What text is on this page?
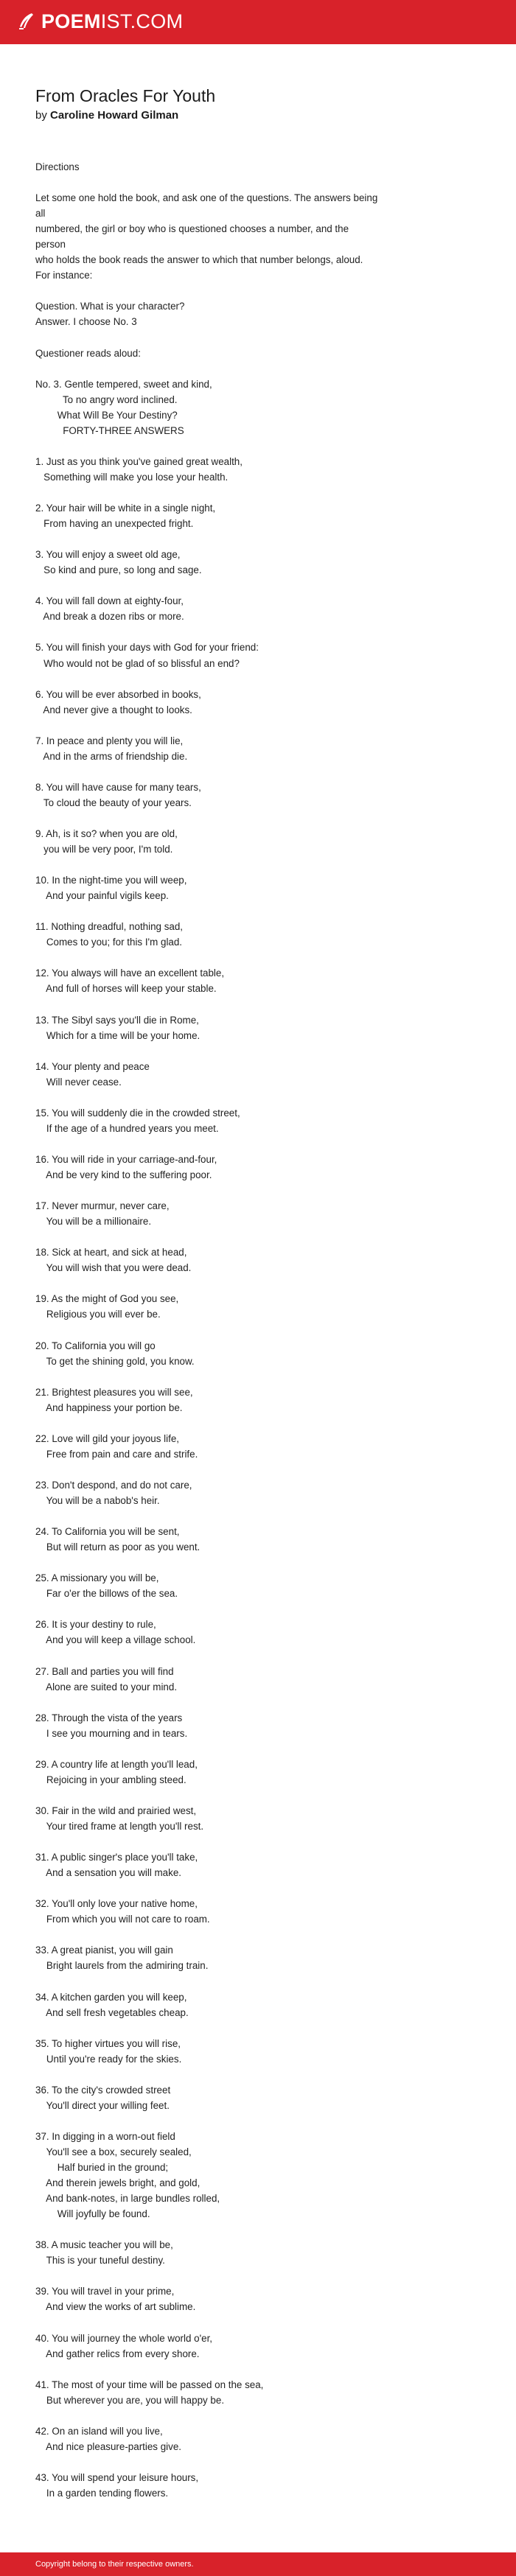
POEMIST.COM
From Oracles For Youth
by Caroline Howard Gilman
Directions
Let some one hold the book, and ask one of the questions. The answers being
all
numbered, the girl or boy who is questioned chooses a number, and the
person
who holds the book reads the answer to which that number belongs, aloud.
For instance:
Question. What is your character?
Answer. I choose No. 3
Questioner reads aloud:
No. 3. Gentle tempered, sweet and kind,
To no angry word inclined.
What Will Be Your Destiny?
FORTY-THREE ANSWERS
1. Just as you think you've gained great wealth,
Something will make you lose your health.
2. Your hair will be white in a single night,
From having an unexpected fright.
3. You will enjoy a sweet old age,
So kind and pure, so long and sage.
4. You will fall down at eighty-four,
And break a dozen ribs or more.
5. You will finish your days with God for your friend:
Who would not be glad of so blissful an end?
6. You will be ever absorbed in books,
And never give a thought to looks.
7. In peace and plenty you will lie,
And in the arms of friendship die.
8. You will have cause for many tears,
To cloud the beauty of your years.
9. Ah, is it so? when you are old,
you will be very poor, I'm told.
10. In the night-time you will weep,
And your painful vigils keep.
11. Nothing dreadful, nothing sad,
Comes to you; for this I'm glad.
12. You always will have an excellent table,
And full of horses will keep your stable.
13. The Sibyl says you'll die in Rome,
Which for a time will be your home.
14. Your plenty and peace
Will never cease.
15. You will suddenly die in the crowded street,
If the age of a hundred years you meet.
16. You will ride in your carriage-and-four,
And be very kind to the suffering poor.
17. Never murmur, never care,
You will be a millionaire.
18. Sick at heart, and sick at head,
You will wish that you were dead.
19. As the might of God you see,
Religious you will ever be.
20. To California you will go
To get the shining gold, you know.
21. Brightest pleasures you will see,
And happiness your portion be.
22. Love will gild your joyous life,
Free from pain and care and strife.
23. Don't despond, and do not care,
You will be a nabob's heir.
24. To California you will be sent,
But will return as poor as you went.
25. A missionary you will be,
Far o'er the billows of the sea.
26. It is your destiny to rule,
And you will keep a village school.
27. Ball and parties you will find
Alone are suited to your mind.
28. Through the vista of the years
I see you mourning and in tears.
29. A country life at length you'll lead,
Rejoicing in your ambling steed.
30. Fair in the wild and prairied west,
Your tired frame at length you'll rest.
31. A public singer's place you'll take,
And a sensation you will make.
32. You'll only love your native home,
From which you will not care to roam.
33. A great pianist, you will gain
Bright laurels from the admiring train.
34. A kitchen garden you will keep,
And sell fresh vegetables cheap.
35. To higher virtues you will rise,
Until you're ready for the skies.
36. To the city's crowded street
You'll direct your willing feet.
37. In digging in a worn-out field
You'll see a box, securely sealed,
Half buried in the ground;
And therein jewels bright, and gold,
And bank-notes, in large bundles rolled,
Will joyfully be found.
38. A music teacher you will be,
This is your tuneful destiny.
39. You will travel in your prime,
And view the works of art sublime.
40. You will journey the whole world o'er,
And gather relics from every shore.
41. The most of your time will be passed on the sea,
But wherever you are, you will happy be.
42. On an island will you live,
And nice pleasure-parties give.
43. You will spend your leisure hours,
In a garden tending flowers.
Copyright belong to their respective owners.
